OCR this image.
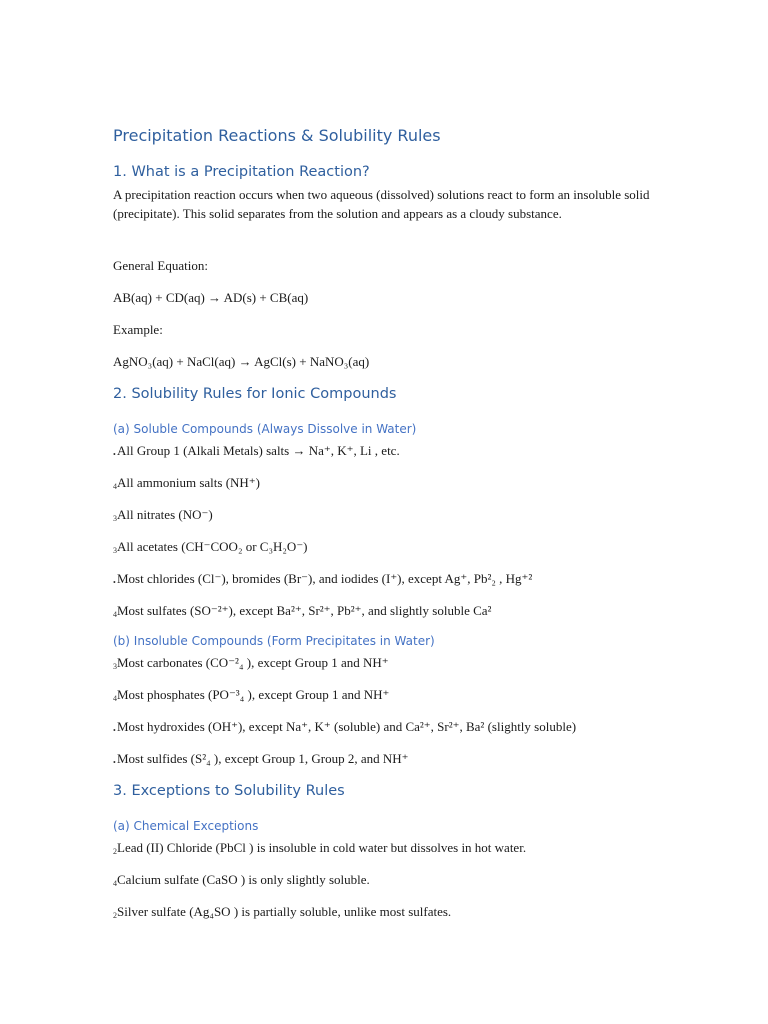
Precipitation Reactions & Solubility Rules
1. What is a Precipitation Reaction?

A precipitation reaction occurs when two aqueous (dissolved) solutions react to form an insoluble solid (precipitate). This solid separates from the solution and appears as a cloudy substance.

General Equation:

AB(aq) + CD(aq) → AD(s) + CB(aq)

Example:

AgNO₃(aq) + NaCl(aq) → AgCl(s) + NaNO₃(aq)

2. Solubility Rules for Ionic Compounds
(a) Soluble Compounds (Always Dissolve in Water)
•All Group 1 (Alkali Metals) salts → Na⁺, K⁺, Li , etc.
4All ammonium salts (NH⁺)
3All nitrates (NO⁻)
3All acetates (CH⁻COO₂ or C₃H₂O⁻)
•Most chlorides (Cl⁻), bromides (Br⁻), and iodides (I⁺), except Ag⁺, Pb²₂ , Hg⁺²
4Most sulfates (SO⁻²⁺), except Ba²⁺, Sr²⁺, Pb²⁺, and slightly soluble Ca²
(b) Insoluble Compounds (Form Precipitates in Water)
3Most carbonates (CO⁻²₄ ), except Group 1 and NH⁺
4Most phosphates (PO⁻³₄ ), except Group 1 and NH⁺
•Most hydroxides (OH⁺), except Na⁺, K⁺ (soluble) and Ca²⁺, Sr²⁺, Ba² (slightly soluble)
•Most sulfides (S²₄ ), except Group 1, Group 2, and NH⁺
3. Exceptions to Solubility Rules
(a) Chemical Exceptions
2Lead (II) Chloride (PbCl ) is insoluble in cold water but dissolves in hot water.
4Calcium sulfate (CaSO ) is only slightly soluble.
2Silver sulfate (Ag₄SO ) is partially soluble, unlike most sulfates.
